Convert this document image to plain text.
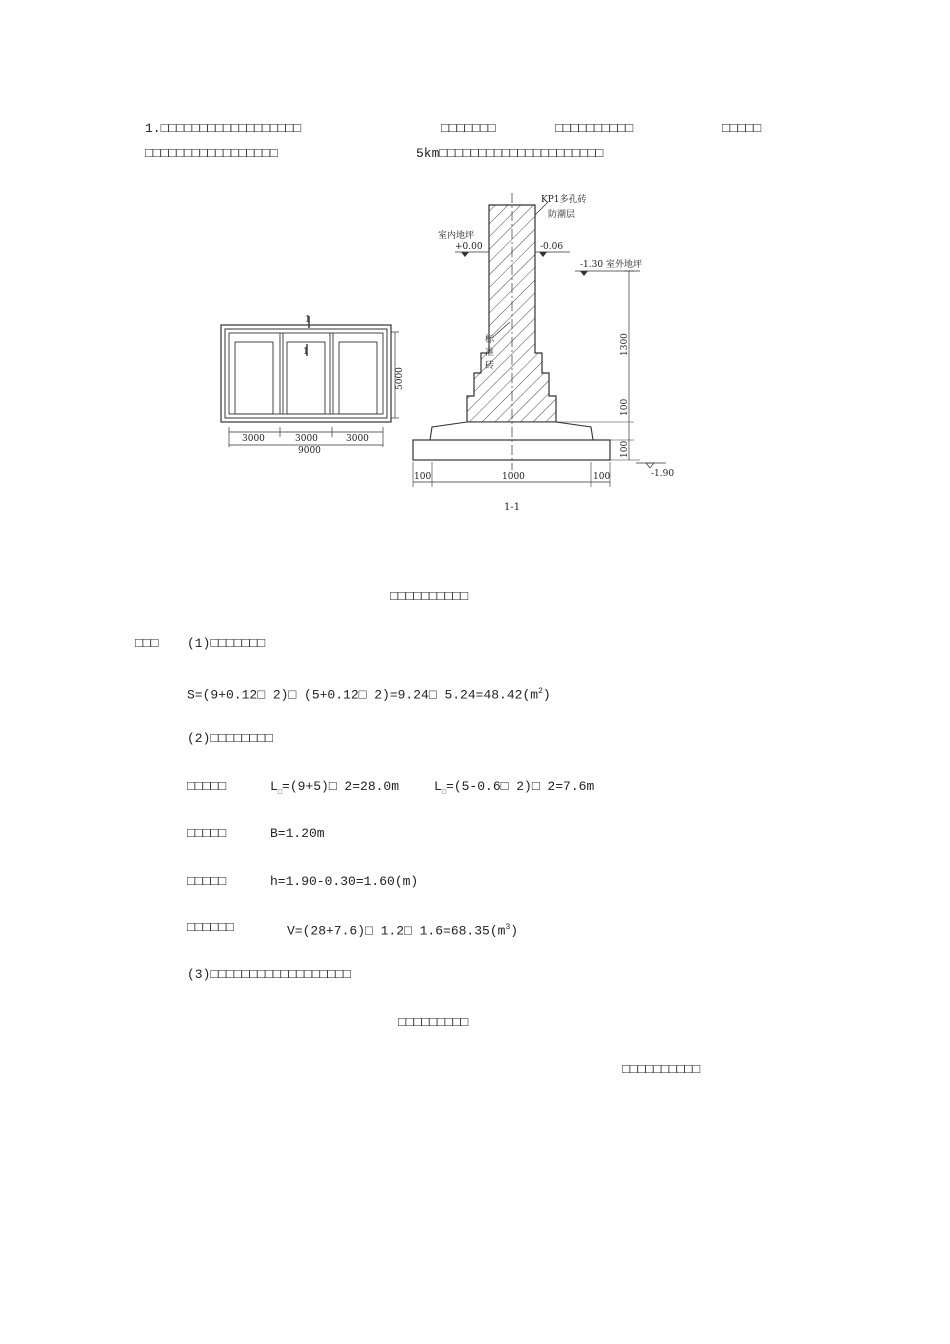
1.□□□□□□□□□□□□□□□□□□	□□□□□□□	□□□□□□□□□□	□□□□□
□□□□□□□□□□□□□□□□□	5km□□□□□□□□□□□□□□□□□□□□□
1
1
5000
3000	3000	3000
9000
KP1多孔砖
防潮层
室内地坪
+0.00	-0.06
-1.30 室外地坪
标
准
砖
1300
100
100
-1.90
100	1000	100
1-1
□□□□□□□□□□
□□□ (1)□□□□□□□
S=(9+0.12□ 2)□ (5+0.12□ 2)=9.24□ $5.24=48.42(m^2)$
(2)□□□□□□□□
□□□□□	$L_□=(9+5)□$ 2=28.0m	$L_□=(5-0.6□$ 2)□ 2=7.6m
□□□□□	B=1.20m
□□□□□	h=1.90-0.30=1.60(m)
□□□□□□	V=(28+7.6)□ 1.2□ $1.6=68.35(m^3)$
(3)□□□□□□□□□□□□□□□□□□
□□□□□□□□□
□□□□□□□□□□
